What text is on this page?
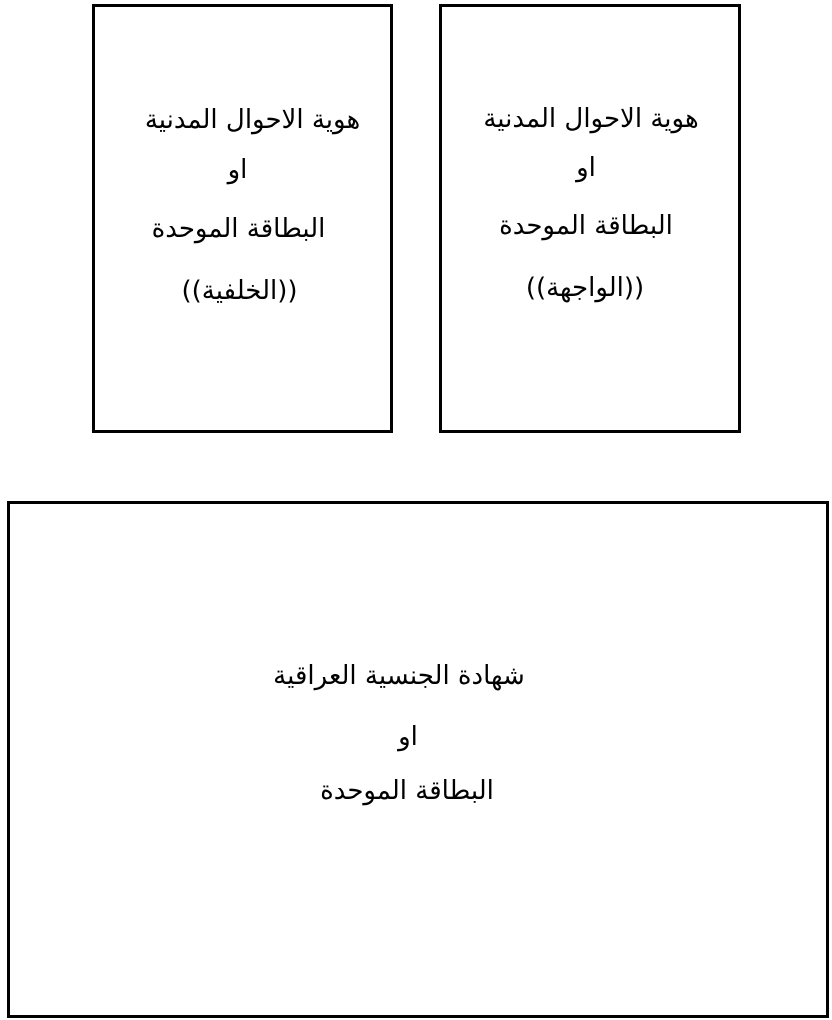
هوية الاحوال المدنية
او
البطاقة الموحدة
((الخلفية))
هوية الاحوال المدنية
او
البطاقة الموحدة
((الواجهة))
شهادة الجنسية العراقية
او
البطاقة الموحدة
